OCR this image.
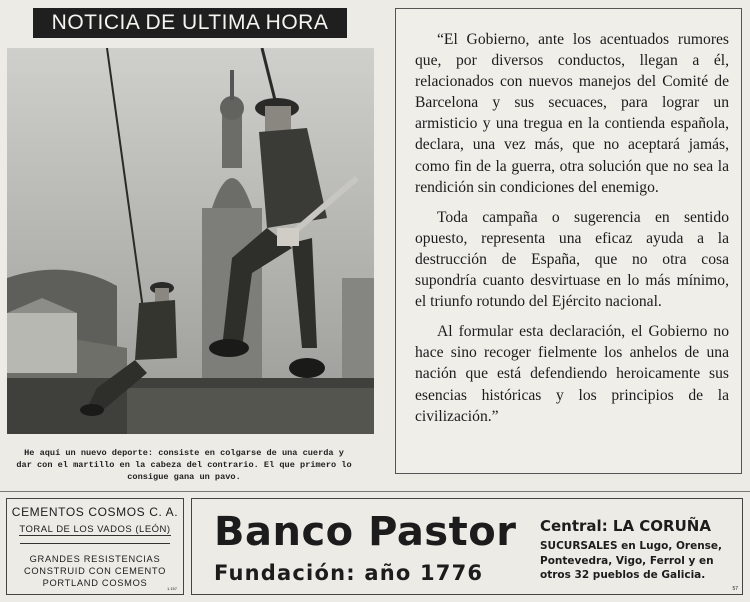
NOTICIA DE ULTIMA HORA
He aquí un nuevo deporte: consiste en colgarse de una cuerda y dar con el martillo en la cabeza del contrario. El que primero lo consigue gana un pavo.

“El Gobierno, ante los acentuados rumores que, por diversos conductos, llegan a él, relacionados con nuevos manejos del Comité de Barcelona y sus secuaces, para lograr un armisticio y una tregua en la contienda española, declara, una vez más, que no aceptará jamás, como fin de la guerra, otra solución que no sea la rendición sin condiciones del enemigo.

Toda campaña o sugerencia en sentido opuesto, representa una eficaz ayuda a la destrucción de España, que no otra cosa supondría cuanto desvirtuase en lo más mínimo, el triunfo rotundo del Ejército nacional.

Al formular esta declaración, el Gobierno no hace sino recoger fielmente los anhelos de una nación que está defendiendo heroicamente sus esencias históricas y los principios de la civilización.”

CEMENTOS COSMOS C. A.
TORAL DE LOS VADOS (LEÓN)
GRANDES RESISTENCIAS
CONSTRUID CON CEMENTO
PORTLAND COSMOS
1.157
Banco Pastor
Fundación: año 1776
Central: LA CORUÑA
SUCURSALES en Lugo, Orense, Pontevedra, Vigo, Ferrol y en otros 32 pueblos de Galicia.
57
